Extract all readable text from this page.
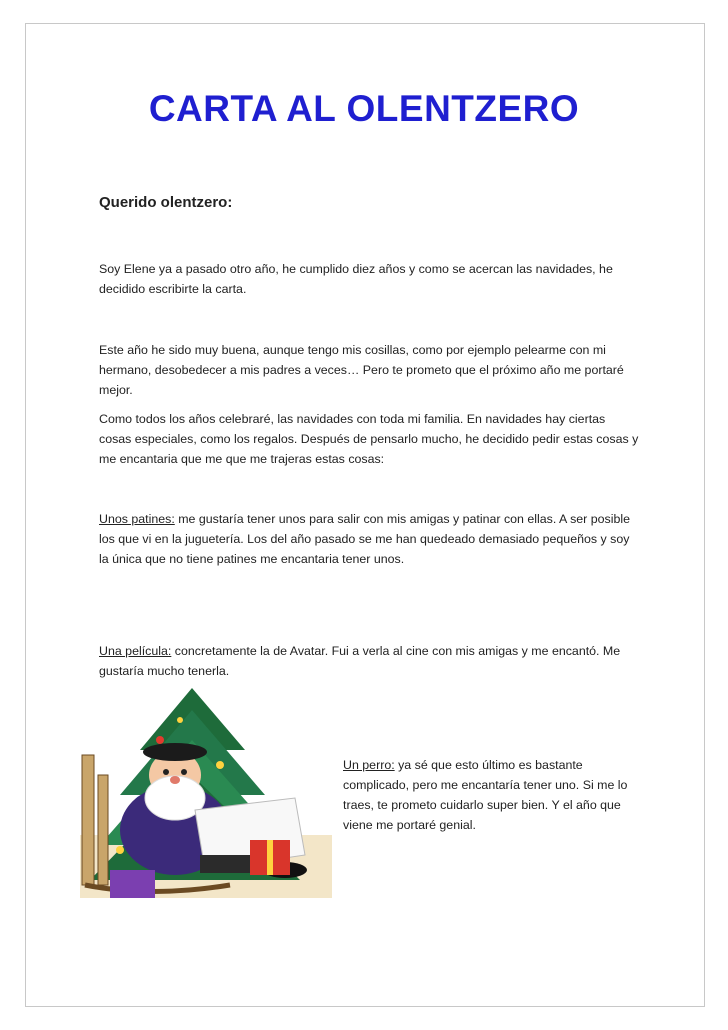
CARTA AL OLENTZERO
Querido olentzero:
Soy Elene ya a pasado otro año, he cumplido diez años y como se acercan las navidades, he decidido escribirte la carta.
Este año he sido muy buena, aunque tengo mis cosillas, como por ejemplo pelearme con mi hermano, desobedecer a mis padres a veces… Pero te prometo que el próximo año me portaré mejor.
Como todos los años celebraré, las navidades con toda mi familia. En navidades hay ciertas cosas especiales, como los regalos. Después de pensarlo mucho, he decidido pedir estas cosas y me encantaria que me que me trajeras estas cosas:
Unos patines: me gustaría tener unos para salir con mis amigas y patinar con ellas. A ser posible los que vi en la juguetería. Los del año pasado se me han quedeado demasiado pequeños y soy la única que no tiene patines me encantaria tener unos.
Una película: concretamente la de Avatar. Fui a verla al cine con mis amigas y me encantó. Me gustaría mucho tenerla.
Un perro: ya sé que esto último es bastante complicado, pero me encantaría tener uno. Si me lo traes, te prometo cuidarlo super bien. Y el año que viene me portaré genial.
